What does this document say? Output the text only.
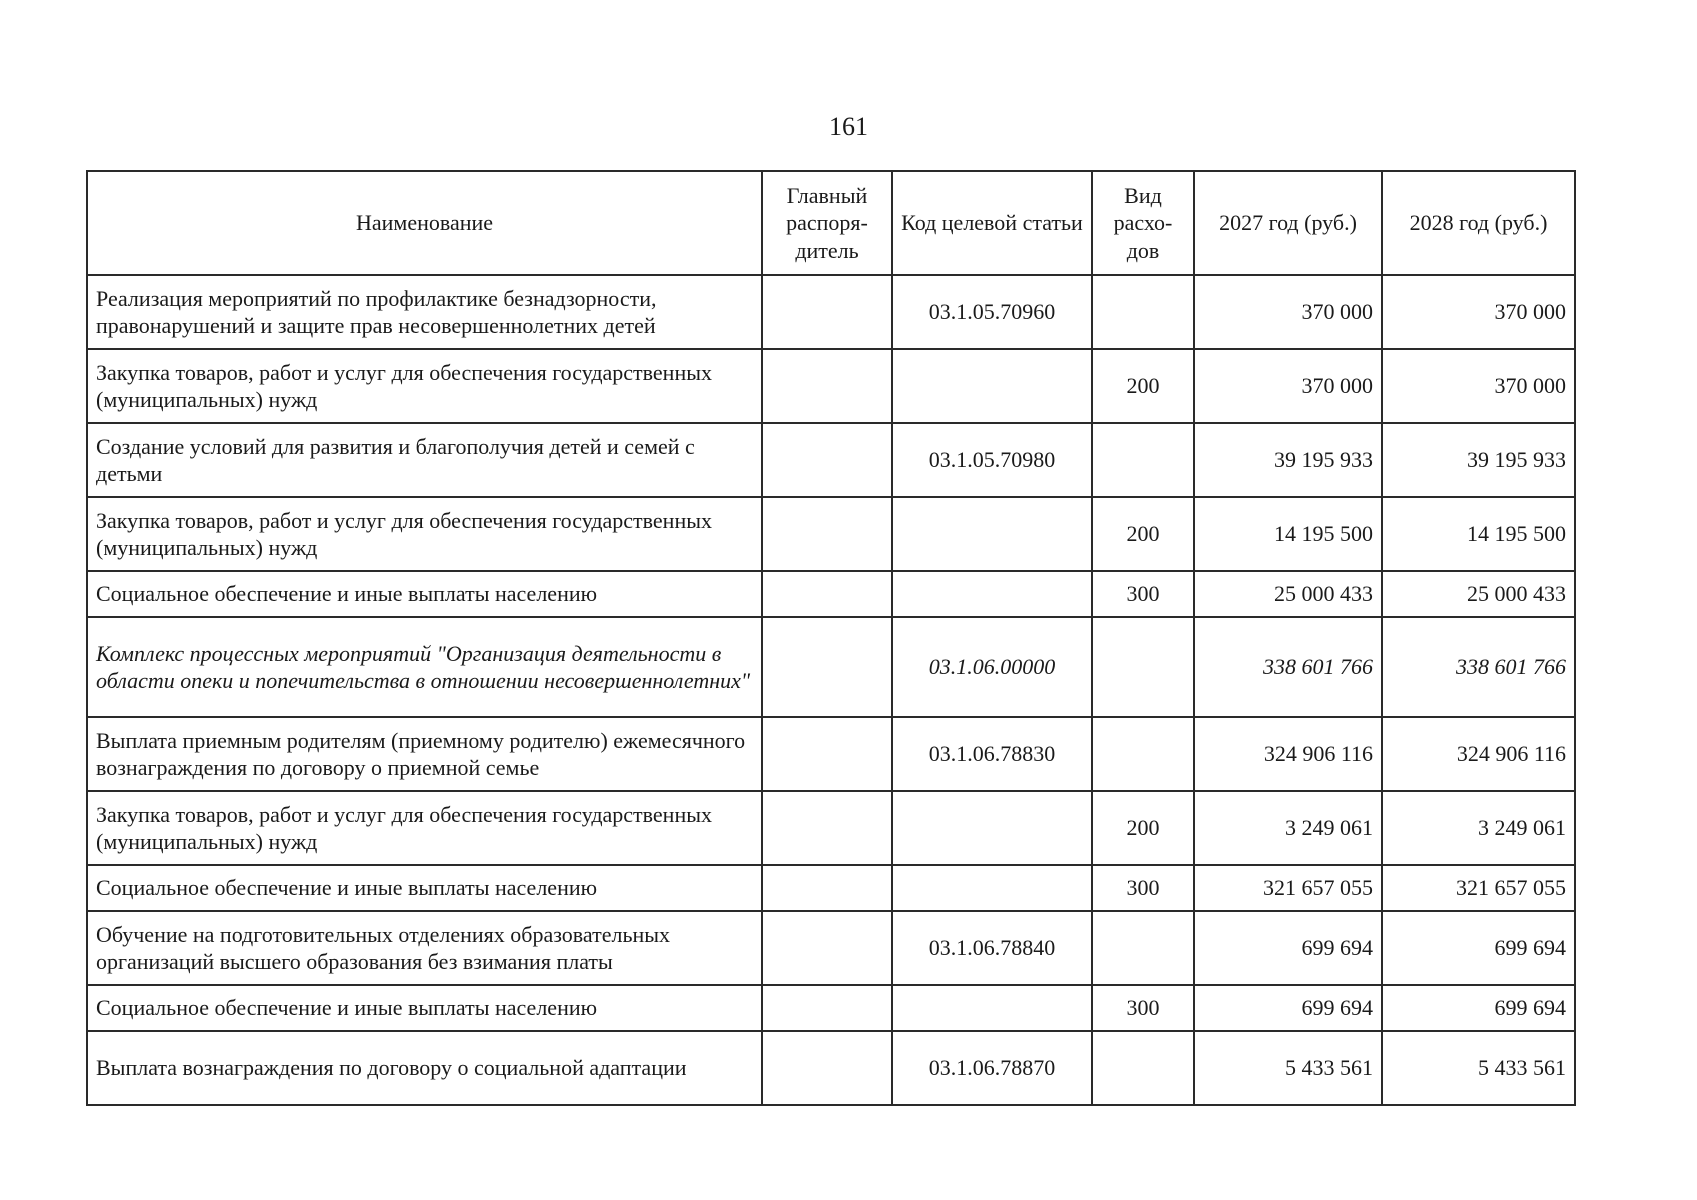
161
Наименование	Главный распоря-дитель	Код целевой статьи	Вид расхо-дов	2027 год (руб.)	2028 год (руб.)
Реализация мероприятий по профилактике безнадзорности, правонарушений и защите прав несовершеннолетних детей		03.1.05.70960		370 000	370 000
Закупка товаров, работ и услуг для обеспечения государственных (муниципальных) нужд			200	370 000	370 000
Создание условий для развития и благополучия детей и семей с детьми		03.1.05.70980		39 195 933	39 195 933
Закупка товаров, работ и услуг для обеспечения государственных (муниципальных) нужд			200	14 195 500	14 195 500
Социальное обеспечение и иные выплаты населению			300	25 000 433	25 000 433
Комплекс процессных мероприятий "Организация деятельности в области опеки и попечительства в отношении несовершеннолетних"		03.1.06.00000		338 601 766	338 601 766
Выплата приемным родителям (приемному родителю) ежемесячного вознаграждения по договору о приемной семье		03.1.06.78830		324 906 116	324 906 116
Закупка товаров, работ и услуг для обеспечения государственных (муниципальных) нужд			200	3 249 061	3 249 061
Социальное обеспечение и иные выплаты населению			300	321 657 055	321 657 055
Обучение на подготовительных отделениях образовательных организаций высшего образования без взимания платы		03.1.06.78840		699 694	699 694
Социальное обеспечение и иные выплаты населению			300	699 694	699 694
Выплата вознаграждения по договору о социальной адаптации		03.1.06.78870		5 433 561	5 433 561
